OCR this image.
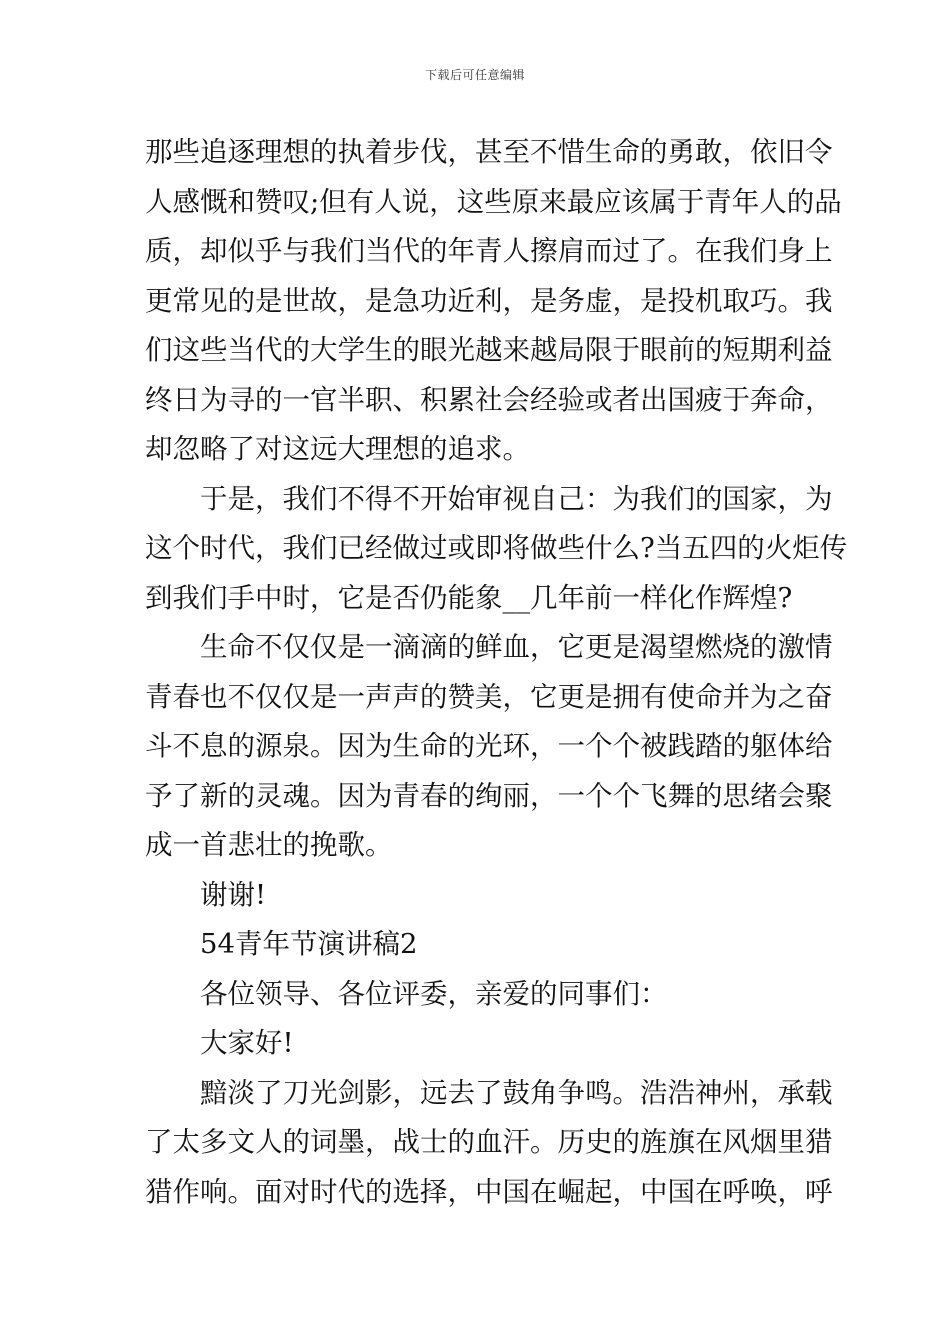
下载后可任意编辑
那些追逐理想的执着步伐，甚至不惜生命的勇敢，依旧令
人感慨和赞叹;但有人说，这些原来最应该属于青年人的品
质，却似乎与我们当代的年青人擦肩而过了。在我们身上
更常见的是世故，是急功近利，是务虚，是投机取巧。我
们这些当代的大学生的眼光越来越局限于眼前的短期利益
终日为寻的一官半职、积累社会经验或者出国疲于奔命，
却忽略了对这远大理想的追求。
于是，我们不得不开始审视自己：为我们的国家，为
这个时代，我们已经做过或即将做些什么?当五四的火炬传
到我们手中时，它是否仍能象__几年前一样化作辉煌?
生命不仅仅是一滴滴的鲜血，它更是渴望燃烧的激情
青春也不仅仅是一声声的赞美，它更是拥有使命并为之奋
斗不息的源泉。因为生命的光环，一个个被践踏的躯体给
予了新的灵魂。因为青春的绚丽，一个个飞舞的思绪会聚
成一首悲壮的挽歌。
谢谢!
54青年节演讲稿2
各位领导、各位评委，亲爱的同事们：
大家好!
黯淡了刀光剑影，远去了鼓角争鸣。浩浩神州，承载
了太多文人的词墨，战士的血汗。历史的旌旗在风烟里猎
猎作响。面对时代的选择，中国在崛起，中国在呼唤，呼
